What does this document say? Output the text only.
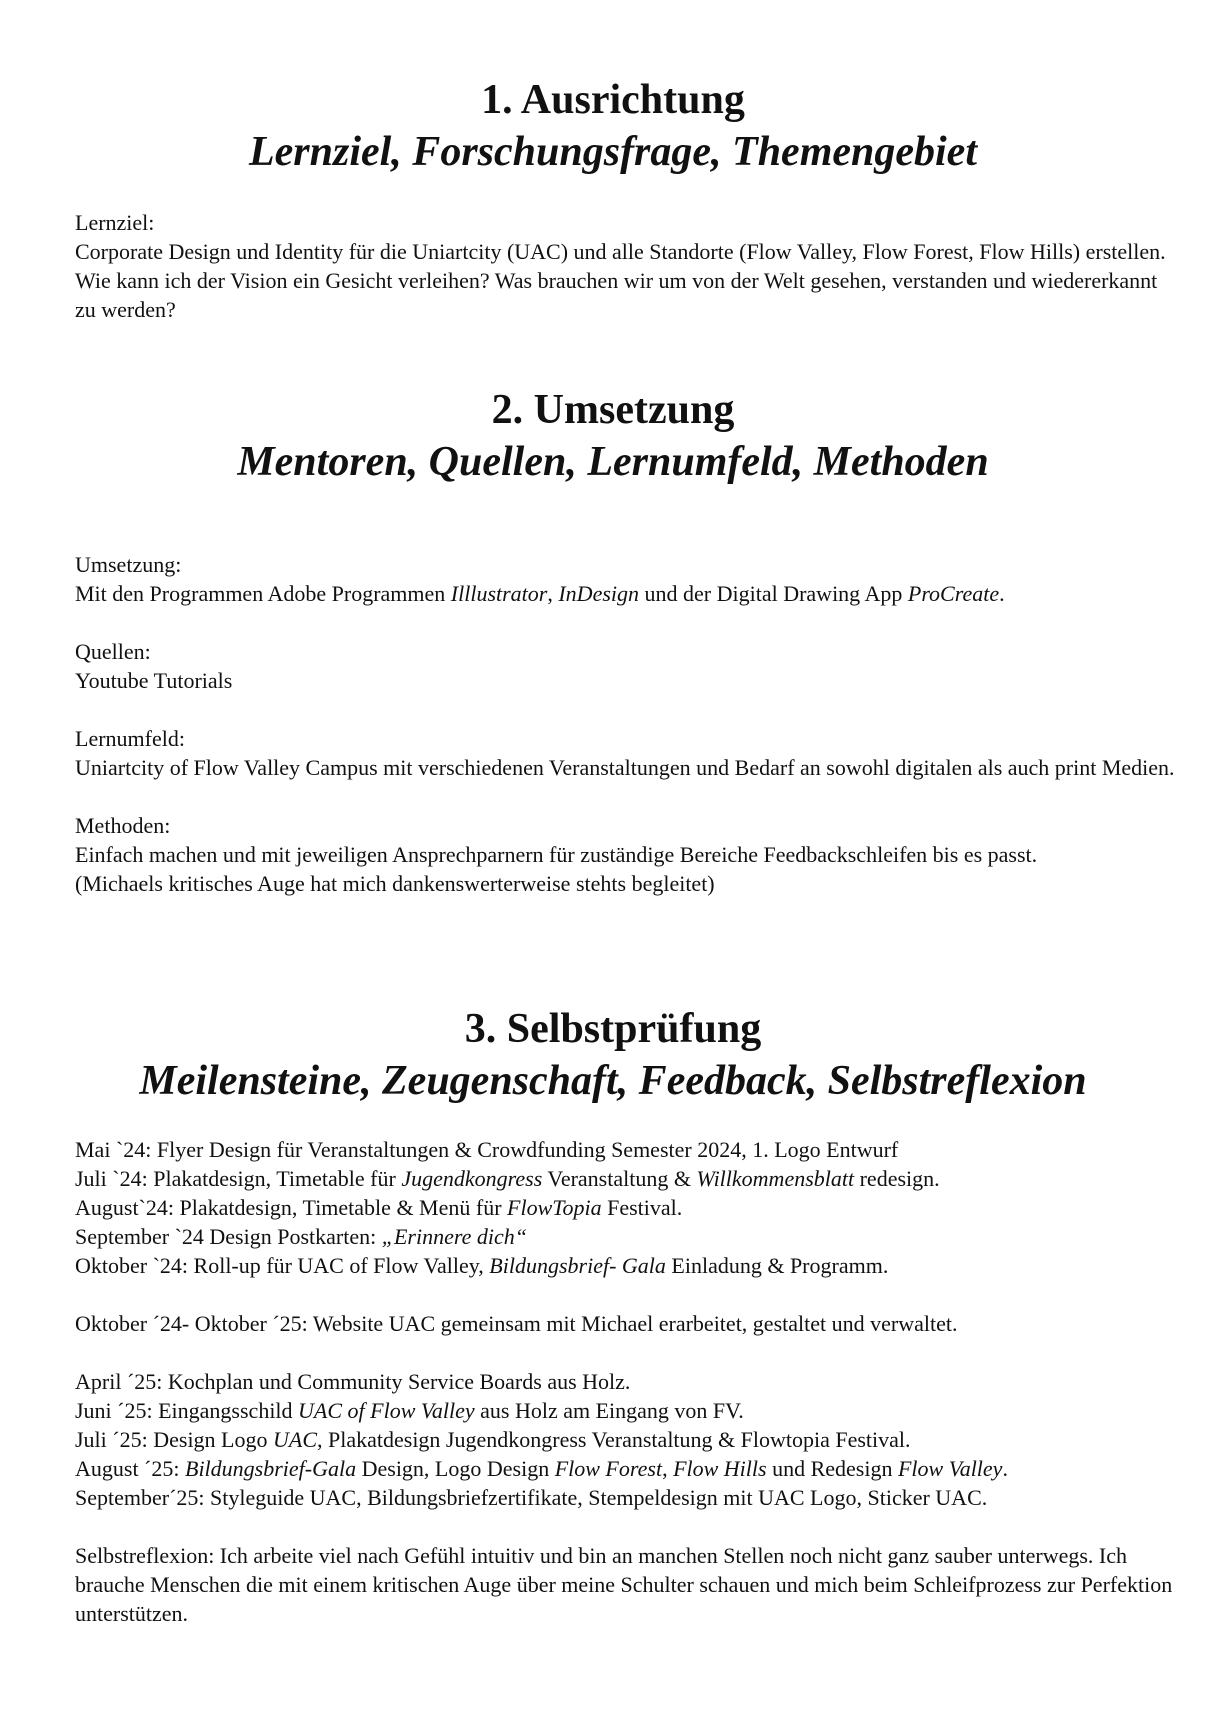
1. Ausrichtung
Lernziel, Forschungsfrage, Themengebiet

Lernziel:

Corporate Design und Identity für die Uniartcity (UAC) und alle Standorte (Flow Valley, Flow Forest, Flow Hills) erstellen. Wie kann ich der Vision ein Gesicht verleihen? Was brauchen wir um von der Welt gesehen, verstanden und wiedererkannt zu werden?

2. Umsetzung
Mentoren, Quellen, Lernumfeld, Methoden

Umsetzung:

Mit den Programmen Adobe Programmen Illlustrator, InDesign und der Digital Drawing App ProCreate.

Quellen:

Youtube Tutorials

Lernumfeld:

Uniartcity of Flow Valley Campus mit verschiedenen Veranstaltungen und Bedarf an sowohl digitalen als auch print Medien.

Methoden:

Einfach machen und mit jeweiligen Ansprechparnern für zuständige Bereiche Feedbackschleifen bis es passt.

(Michaels kritisches Auge hat mich dankenswerterweise stehts begleitet)

3. Selbstprüfung
Meilensteine, Zeugenschaft, Feedback, Selbstreflexion

Mai `24: Flyer Design für Veranstaltungen & Crowdfunding Semester 2024, 1. Logo Entwurf

Juli `24: Plakatdesign, Timetable für Jugendkongress Veranstaltung & Willkommensblatt redesign.

August`24: Plakatdesign, Timetable & Menü für FlowTopia Festival.

September `24 Design Postkarten: „Erinnere dich“

Oktober `24: Roll-up für UAC of Flow Valley, Bildungsbrief- Gala Einladung & Programm.

Oktober ´24- Oktober ´25: Website UAC gemeinsam mit Michael erarbeitet, gestaltet und verwaltet.

April ´25: Kochplan und Community Service Boards aus Holz.

Juni ´25: Eingangsschild UAC of Flow Valley aus Holz am Eingang von FV.

Juli ´25: Design Logo UAC, Plakatdesign Jugendkongress Veranstaltung & Flowtopia Festival.

August ´25: Bildungsbrief-Gala Design, Logo Design Flow Forest, Flow Hills und Redesign Flow Valley.

September´25: Styleguide UAC, Bildungsbriefzertifikate, Stempeldesign mit UAC Logo, Sticker UAC.

Selbstreflexion: Ich arbeite viel nach Gefühl intuitiv und bin an manchen Stellen noch nicht ganz sauber unterwegs. Ich brauche Menschen die mit einem kritischen Auge über meine Schulter schauen und mich beim Schleifprozess zur Perfektion unterstützen.
